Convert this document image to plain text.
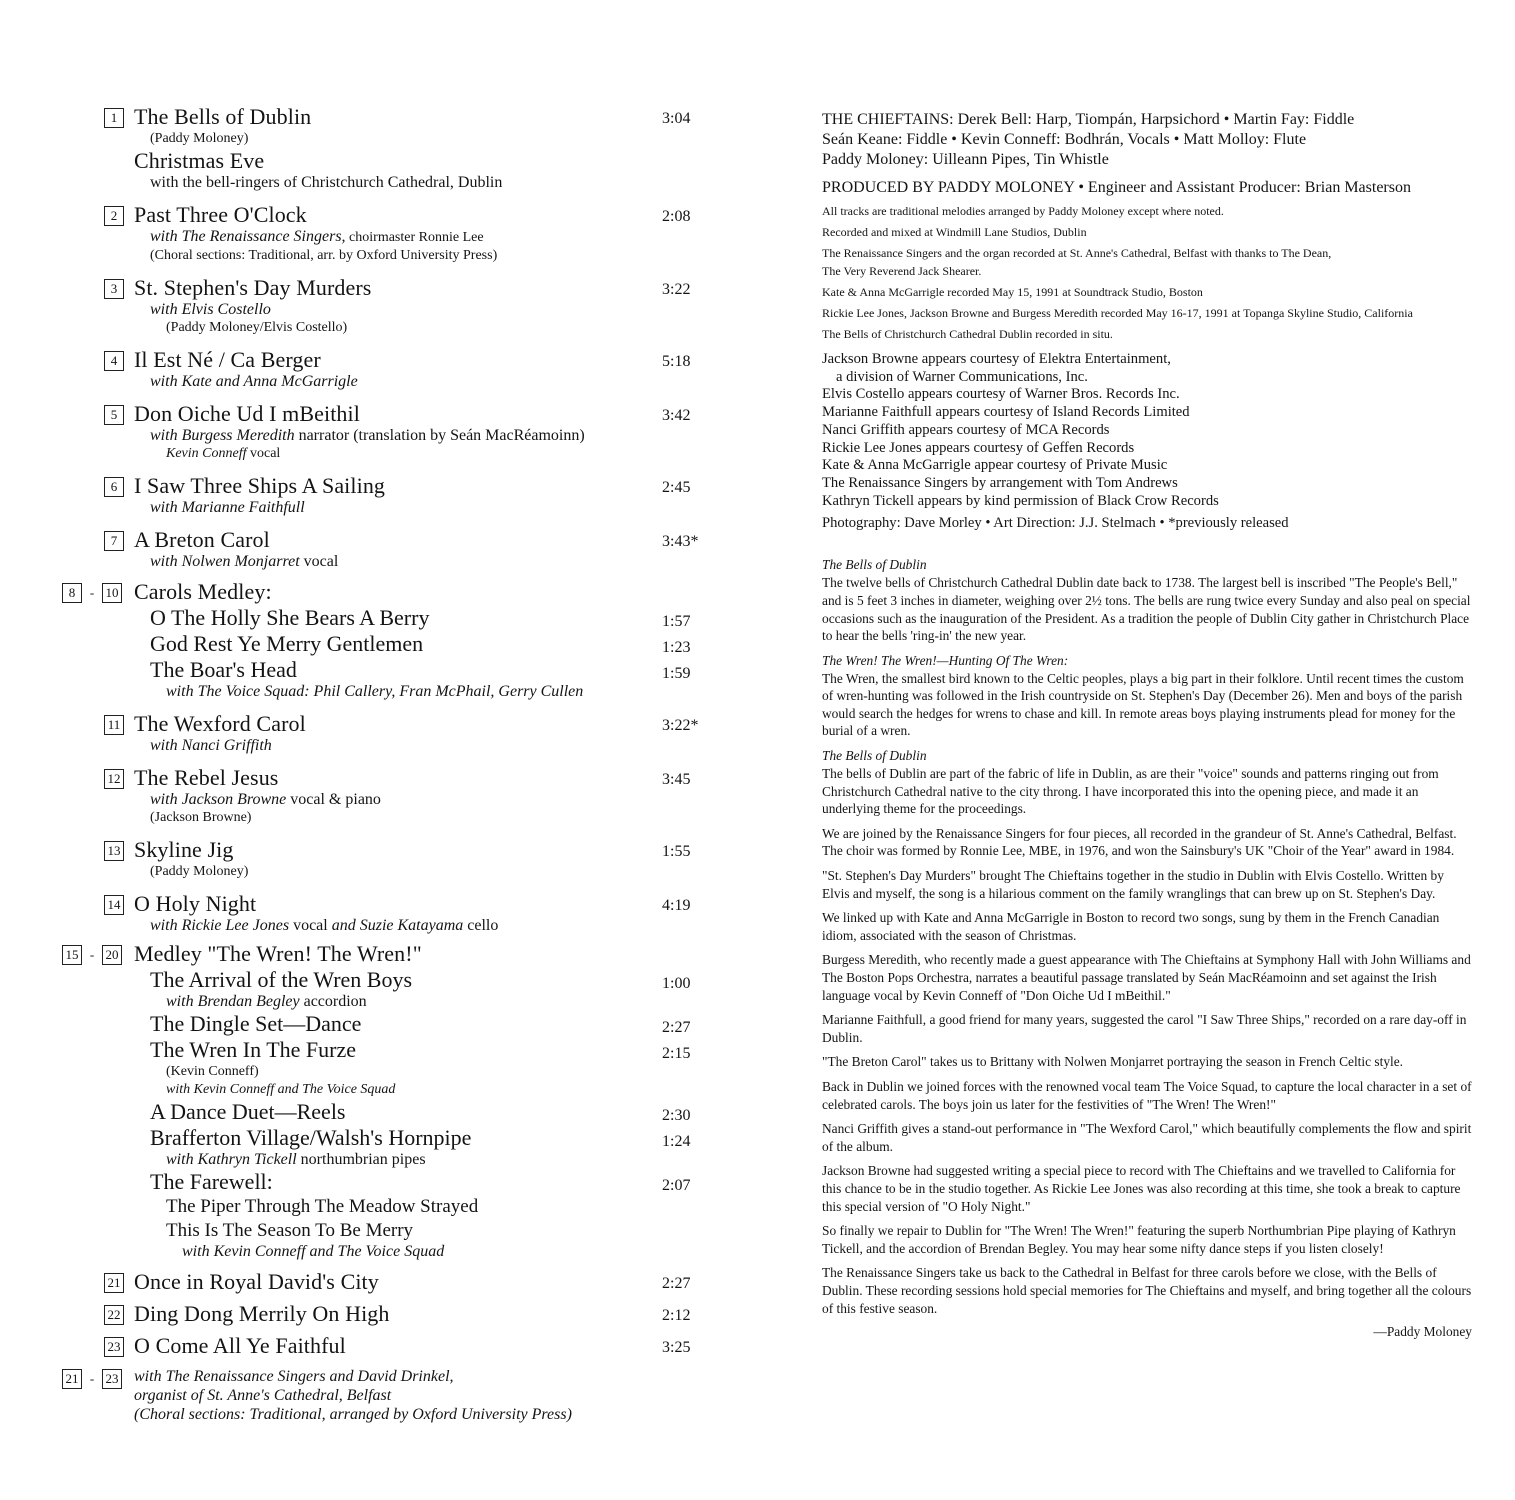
1 The Bells of Dublin	3:04
(Paddy Moloney)
Christmas Eve
with the bell-ringers of Christchurch Cathedral, Dublin
2 Past Three O'Clock	2:08
with The Renaissance Singers, choirmaster Ronnie Lee
(Choral sections: Traditional, arr. by Oxford University Press)
3 St. Stephen's Day Murders	3:22
with Elvis Costello
(Paddy Moloney/Elvis Costello)
4 Il Est Né / Ca Berger	5:18
with Kate and Anna McGarrigle
5 Don Oiche Ud I mBeithil	3:42
with Burgess Meredith narrator (translation by Seán MacRéamoinn)
Kevin Conneff vocal
6 I Saw Three Ships A Sailing	2:45
with Marianne Faithfull
7 A Breton Carol	3:43*
with Nolwen Monjarret vocal
8 - 10 Carols Medley:
O The Holly She Bears A Berry	1:57
God Rest Ye Merry Gentlemen	1:23
The Boar's Head	1:59
with The Voice Squad: Phil Callery, Fran McPhail, Gerry Cullen
11 The Wexford Carol	3:22*
with Nanci Griffith
12 The Rebel Jesus	3:45
with Jackson Browne vocal & piano
(Jackson Browne)
13 Skyline Jig	1:55
(Paddy Moloney)
14 O Holy Night	4:19
with Rickie Lee Jones vocal and Suzie Katayama cello
15 - 20 Medley "The Wren! The Wren!"
The Arrival of the Wren Boys	1:00
with Brendan Begley accordion
The Dingle Set—Dance	2:27
The Wren In The Furze	2:15
(Kevin Conneff)
with Kevin Conneff and The Voice Squad
A Dance Duet—Reels	2:30
Brafferton Village/Walsh's Hornpipe	1:24
with Kathryn Tickell northumbrian pipes
The Farewell:	2:07
The Piper Through The Meadow Strayed
This Is The Season To Be Merry
with Kevin Conneff and The Voice Squad
21 Once in Royal David's City	2:27
22 Ding Dong Merrily On High	2:12
23 O Come All Ye Faithful	3:25
21 - 23 with The Renaissance Singers and David Drinkel,
organist of St. Anne's Cathedral, Belfast
(Choral sections: Traditional, arranged by Oxford University Press)

THE CHIEFTAINS: Derek Bell: Harp, Tiompán, Harpsichord • Martin Fay: Fiddle

Seán Keane: Fiddle • Kevin Conneff: Bodhrán, Vocals • Matt Molloy: Flute

Paddy Moloney: Uilleann Pipes, Tin Whistle

PRODUCED BY PADDY MOLONEY • Engineer and Assistant Producer: Brian Masterson

All tracks are traditional melodies arranged by Paddy Moloney except where noted.

Recorded and mixed at Windmill Lane Studios, Dublin

The Renaissance Singers and the organ recorded at St. Anne's Cathedral, Belfast with thanks to The Dean,

The Very Reverend Jack Shearer.

Kate & Anna McGarrigle recorded May 15, 1991 at Soundtrack Studio, Boston

Rickie Lee Jones, Jackson Browne and Burgess Meredith recorded May 16-17, 1991 at Topanga Skyline Studio, California

The Bells of Christchurch Cathedral Dublin recorded in situ.

Jackson Browne appears courtesy of Elektra Entertainment,

a division of Warner Communications, Inc.

Elvis Costello appears courtesy of Warner Bros. Records Inc.

Marianne Faithfull appears courtesy of Island Records Limited

Nanci Griffith appears courtesy of MCA Records

Rickie Lee Jones appears courtesy of Geffen Records

Kate & Anna McGarrigle appear courtesy of Private Music

The Renaissance Singers by arrangement with Tom Andrews

Kathryn Tickell appears by kind permission of Black Crow Records

Photography: Dave Morley • Art Direction: J.J. Stelmach • *previously released

The Bells of Dublin

The twelve bells of Christchurch Cathedral Dublin date back to 1738. The largest bell is inscribed "The People's Bell," and is 5 feet 3 inches in diameter, weighing over 2½ tons. The bells are rung twice every Sunday and also peal on special occasions such as the inauguration of the President. As a tradition the people of Dublin City gather in Christchurch Place to hear the bells 'ring-in' the new year.

The Wren! The Wren!—Hunting Of The Wren:

The Wren, the smallest bird known to the Celtic peoples, plays a big part in their folklore. Until recent times the custom of wren-hunting was followed in the Irish countryside on St. Stephen's Day (December 26). Men and boys of the parish would search the hedges for wrens to chase and kill. In remote areas boys playing instruments plead for money for the burial of a wren.

The Bells of Dublin

The bells of Dublin are part of the fabric of life in Dublin, as are their "voice" sounds and patterns ringing out from Christchurch Cathedral native to the city throng. I have incorporated this into the opening piece, and made it an underlying theme for the proceedings.

We are joined by the Renaissance Singers for four pieces, all recorded in the grandeur of St. Anne's Cathedral, Belfast. The choir was formed by Ronnie Lee, MBE, in 1976, and won the Sainsbury's UK "Choir of the Year" award in 1984.

"St. Stephen's Day Murders" brought The Chieftains together in the studio in Dublin with Elvis Costello. Written by Elvis and myself, the song is a hilarious comment on the family wranglings that can brew up on St. Stephen's Day.

We linked up with Kate and Anna McGarrigle in Boston to record two songs, sung by them in the French Canadian idiom, associated with the season of Christmas.

Burgess Meredith, who recently made a guest appearance with The Chieftains at Symphony Hall with John Williams and The Boston Pops Orchestra, narrates a beautiful passage translated by Seán MacRéamoinn and set against the Irish language vocal by Kevin Conneff of "Don Oiche Ud I mBeithil."

Marianne Faithfull, a good friend for many years, suggested the carol "I Saw Three Ships," recorded on a rare day-off in Dublin.

"The Breton Carol" takes us to Brittany with Nolwen Monjarret portraying the season in French Celtic style.

Back in Dublin we joined forces with the renowned vocal team The Voice Squad, to capture the local character in a set of celebrated carols. The boys join us later for the festivities of "The Wren! The Wren!"

Nanci Griffith gives a stand-out performance in "The Wexford Carol," which beautifully complements the flow and spirit of the album.

Jackson Browne had suggested writing a special piece to record with The Chieftains and we travelled to California for this chance to be in the studio together. As Rickie Lee Jones was also recording at this time, she took a break to capture this special version of "O Holy Night."

So finally we repair to Dublin for "The Wren! The Wren!" featuring the superb Northumbrian Pipe playing of Kathryn Tickell, and the accordion of Brendan Begley. You may hear some nifty dance steps if you listen closely!

The Renaissance Singers take us back to the Cathedral in Belfast for three carols before we close, with the Bells of Dublin. These recording sessions hold special memories for The Chieftains and myself, and bring together all the colours of this festive season.

—Paddy Moloney
